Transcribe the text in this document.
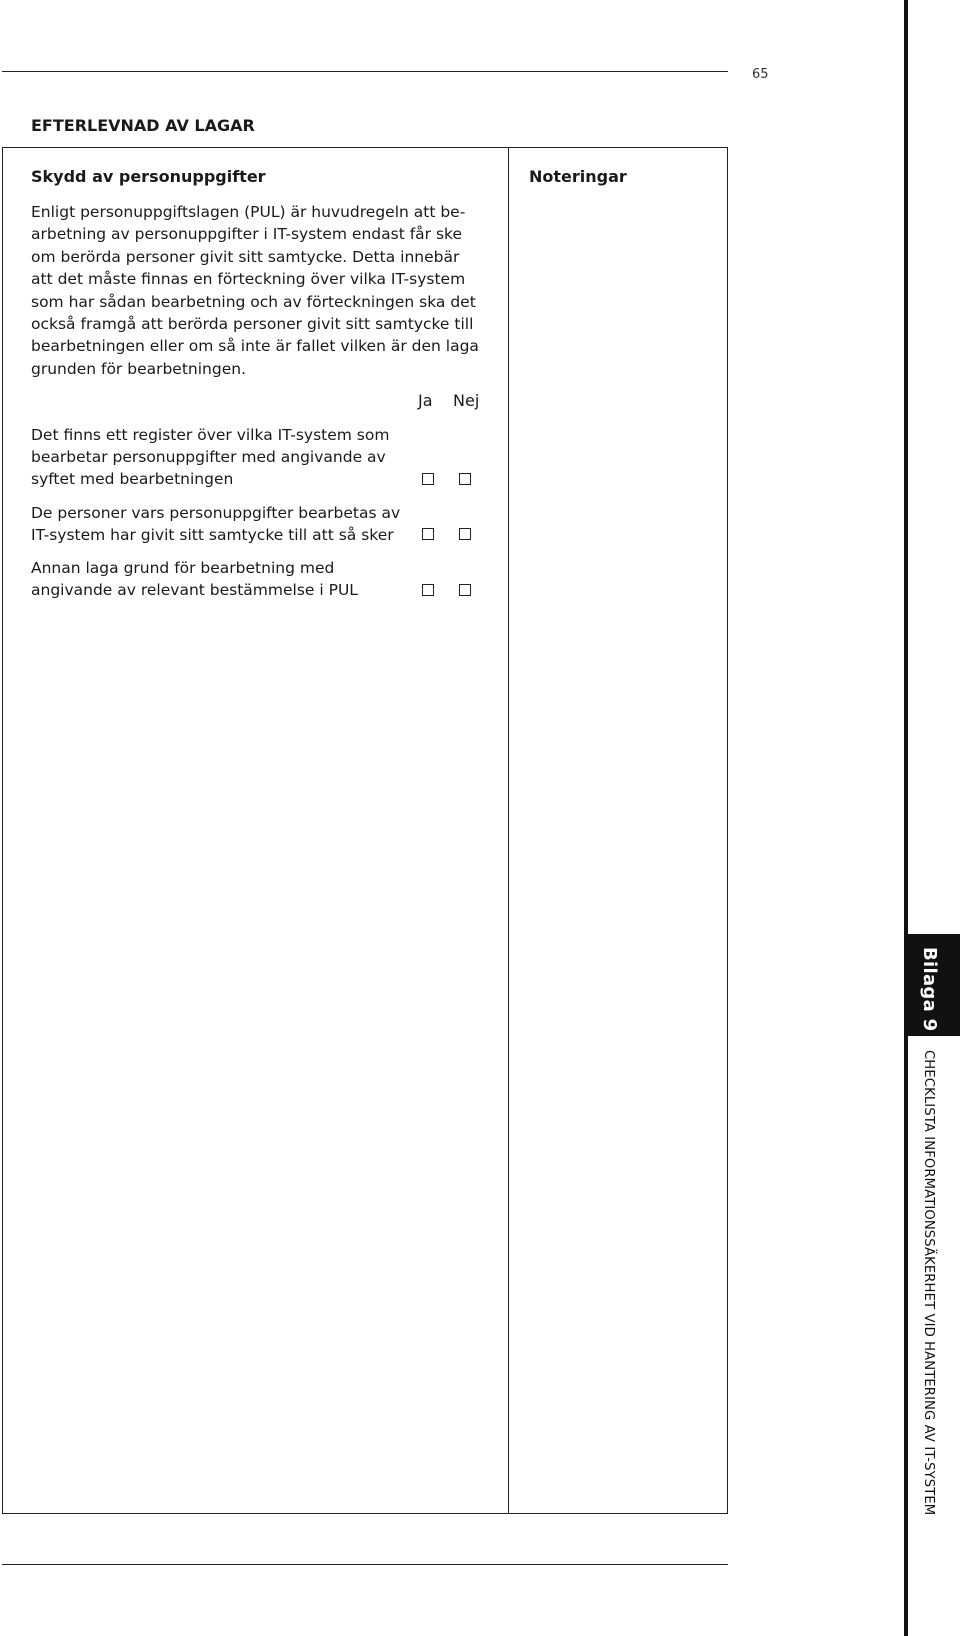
65
EFTERLEVNAD AV LAGAR
Skydd av personuppgifter

Enligt personuppgiftslagen (PUL) är huvudregeln att be-
arbetning av personuppgifter i IT-system endast får ske
om berörda personer givit sitt samtycke. Detta innebär
att det måste finnas en förteckning över vilka IT-system
som har sådan bearbetning och av förteckningen ska det
också framgå att berörda personer givit sitt samtycke till
bearbetningen eller om så inte är fallet vilken är den laga
grunden för bearbetningen.

Noteringar
Ja Nej

Det finns ett register över vilka IT-system som
bearbetar personuppgifter med angivande av
syftet med bearbetningen

De personer vars personuppgifter bearbetas av
IT-system har givit sitt samtycke till att så sker

Annan laga grund för bearbetning med
angivande av relevant bestämmelse i PUL

Bilaga 9
CHECKLISTA INFORMATIONSSÄKERHET VID HANTERING AV IT-SYSTEM
